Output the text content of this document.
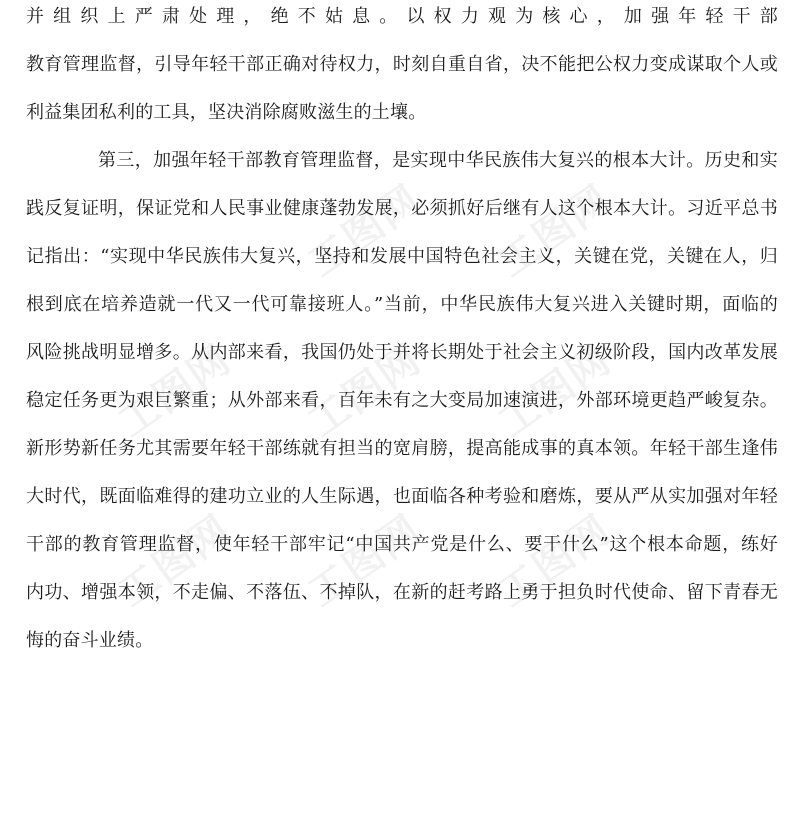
工图网 工图网
工图网 工图网 工图网
工图网 工图网 工图网
并组织上严肃处理，绝不姑息。以权力观为核心，加强年轻干部
教育管理监督，引导年轻干部正确对待权力，时刻自重自省，决不能把公权力变成谋取个人或
利益集团私利的工具，坚决消除腐败滋生的土壤。
第三，加强年轻干部教育管理监督，是实现中华民族伟大复兴的根本大计。历史和实
践反复证明，保证党和人民事业健康蓬勃发展，必须抓好后继有人这个根本大计。习近平总书
记指出：“实现中华民族伟大复兴，坚持和发展中国特色社会主义，关键在党，关键在人，归
根到底在培养造就一代又一代可靠接班人。”当前，中华民族伟大复兴进入关键时期，面临的
风险挑战明显增多。从内部来看，我国仍处于并将长期处于社会主义初级阶段，国内改革发展
稳定任务更为艰巨繁重；从外部来看，百年未有之大变局加速演进，外部环境更趋严峻复杂。
新形势新任务尤其需要年轻干部练就有担当的宽肩膀，提高能成事的真本领。年轻干部生逢伟
大时代，既面临难得的建功立业的人生际遇，也面临各种考验和磨炼，要从严从实加强对年轻
干部的教育管理监督，使年轻干部牢记“中国共产党是什么、要干什么”这个根本命题，练好
内功、增强本领，不走偏、不落伍、不掉队，在新的赶考路上勇于担负时代使命、留下青春无
悔的奋斗业绩。
